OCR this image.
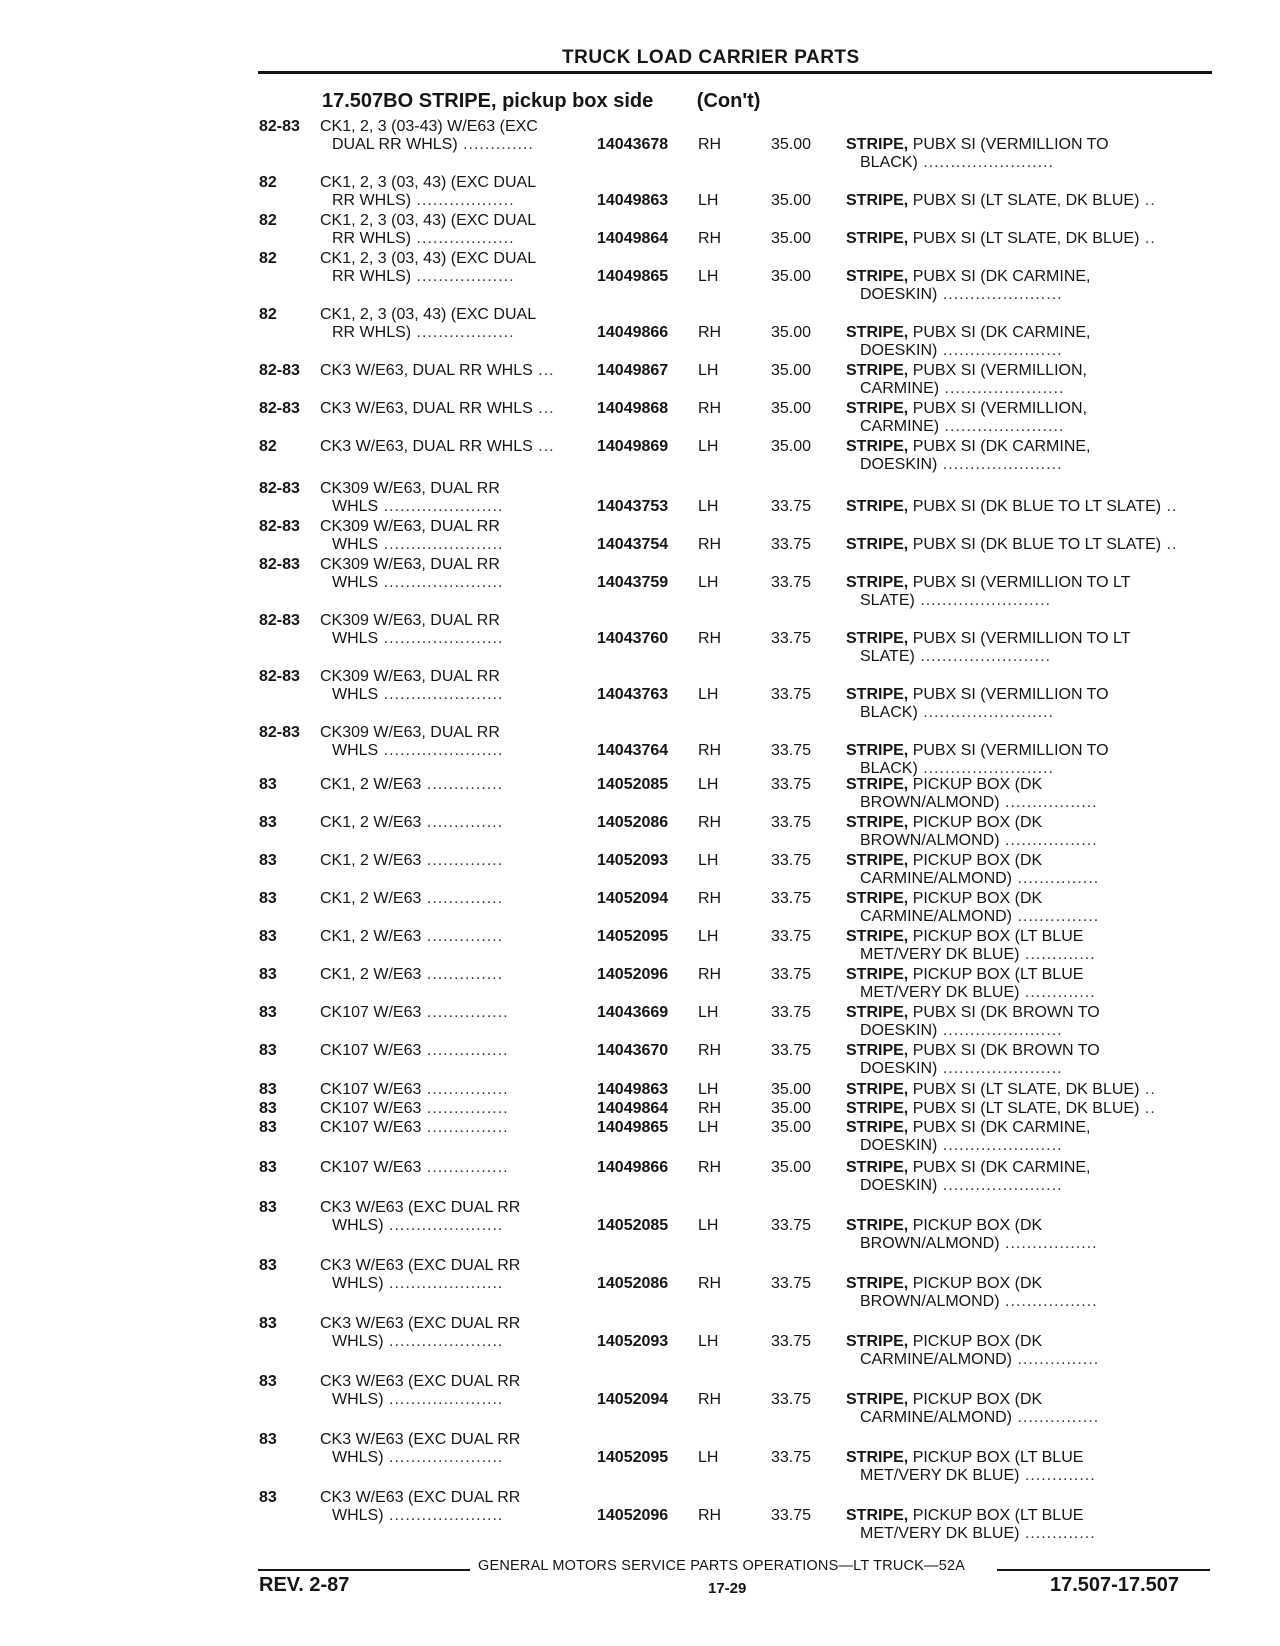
TRUCK LOAD CARRIER PARTS
17.507BO STRIPE, pickup box side (Con't)
82-83 CK1, 2, 3 (03-43) W/E63 (EXC
DUAL RR WHLS) .............	14043678 RH	35.00 STRIPE, PUBX SI (VERMILLION TO
BLACK) ........................
82	CK1, 2, 3 (03, 43) (EXC DUAL
RR WHLS) ..................	14049863 LH	35.00 STRIPE, PUBX SI (LT SLATE, DK BLUE) ..
82	CK1, 2, 3 (03, 43) (EXC DUAL
RR WHLS) ..................	14049864 RH	35.00 STRIPE, PUBX SI (LT SLATE, DK BLUE) ..
82	CK1, 2, 3 (03, 43) (EXC DUAL
RR WHLS) ..................	14049865 LH	35.00 STRIPE, PUBX SI (DK CARMINE,
DOESKIN) ......................
82	CK1, 2, 3 (03, 43) (EXC DUAL
RR WHLS) ..................	14049866 RH	35.00 STRIPE, PUBX SI (DK CARMINE,
DOESKIN) ......................
82-83 CK3 W/E63, DUAL RR WHLS ...	14049867 LH	35.00 STRIPE, PUBX SI (VERMILLION,
CARMINE) ......................
82-83 CK3 W/E63, DUAL RR WHLS ...	14049868 RH	35.00 STRIPE, PUBX SI (VERMILLION,
CARMINE) ......................
82	CK3 W/E63, DUAL RR WHLS ...	14049869 LH	35.00 STRIPE, PUBX SI (DK CARMINE,
DOESKIN) ......................
82-83 CK309 W/E63, DUAL RR
WHLS ......................	14043753 LH	33.75 STRIPE, PUBX SI (DK BLUE TO LT SLATE) ..
82-83 CK309 W/E63, DUAL RR
WHLS ......................	14043754 RH	33.75 STRIPE, PUBX SI (DK BLUE TO LT SLATE) ..
82-83 CK309 W/E63, DUAL RR
WHLS ......................	14043759 LH	33.75 STRIPE, PUBX SI (VERMILLION TO LT
SLATE) ........................
82-83 CK309 W/E63, DUAL RR
WHLS ......................	14043760 RH	33.75 STRIPE, PUBX SI (VERMILLION TO LT
SLATE) ........................
82-83 CK309 W/E63, DUAL RR
WHLS ......................	14043763 LH	33.75 STRIPE, PUBX SI (VERMILLION TO
BLACK) ........................
82-83 CK309 W/E63, DUAL RR
WHLS ......................	14043764 RH	33.75 STRIPE, PUBX SI (VERMILLION TO
BLACK) ........................
83	CK1, 2 W/E63 ..............	14052085 LH	33.75 STRIPE, PICKUP BOX (DK
BROWN/ALMOND) .................
83	CK1, 2 W/E63 ..............	14052086 RH	33.75 STRIPE, PICKUP BOX (DK
BROWN/ALMOND) .................
83	CK1, 2 W/E63 ..............	14052093 LH	33.75 STRIPE, PICKUP BOX (DK
CARMINE/ALMOND) ...............
83	CK1, 2 W/E63 ..............	14052094 RH	33.75 STRIPE, PICKUP BOX (DK
CARMINE/ALMOND) ...............
83	CK1, 2 W/E63 ..............	14052095 LH	33.75 STRIPE, PICKUP BOX (LT BLUE
MET/VERY DK BLUE) .............
83	CK1, 2 W/E63 ..............	14052096 RH	33.75 STRIPE, PICKUP BOX (LT BLUE
MET/VERY DK BLUE) .............
83	CK107 W/E63 ...............	14043669 LH	33.75 STRIPE, PUBX SI (DK BROWN TO
DOESKIN) ......................
83	CK107 W/E63 ...............	14043670 RH	33.75 STRIPE, PUBX SI (DK BROWN TO
DOESKIN) ......................
83	CK107 W/E63 ...............	14049863 LH	35.00 STRIPE, PUBX SI (LT SLATE, DK BLUE) ..
83	CK107 W/E63 ...............	14049864 RH	35.00 STRIPE, PUBX SI (LT SLATE, DK BLUE) ..
83	CK107 W/E63 ...............	14049865 LH	35.00 STRIPE, PUBX SI (DK CARMINE,
DOESKIN) ......................
83	CK107 W/E63 ...............	14049866 RH	35.00 STRIPE, PUBX SI (DK CARMINE,
DOESKIN) ......................
83	CK3 W/E63 (EXC DUAL RR
WHLS) .....................	14052085 LH	33.75 STRIPE, PICKUP BOX (DK
BROWN/ALMOND) .................
83	CK3 W/E63 (EXC DUAL RR
WHLS) .....................	14052086 RH	33.75 STRIPE, PICKUP BOX (DK
BROWN/ALMOND) .................
83	CK3 W/E63 (EXC DUAL RR
WHLS) .....................	14052093 LH	33.75 STRIPE, PICKUP BOX (DK
CARMINE/ALMOND) ...............
83	CK3 W/E63 (EXC DUAL RR
WHLS) .....................	14052094 RH	33.75 STRIPE, PICKUP BOX (DK
CARMINE/ALMOND) ...............
83	CK3 W/E63 (EXC DUAL RR
WHLS) .....................	14052095 LH	33.75 STRIPE, PICKUP BOX (LT BLUE
MET/VERY DK BLUE) .............
83	CK3 W/E63 (EXC DUAL RR
WHLS) .....................	14052096 RH	33.75 STRIPE, PICKUP BOX (LT BLUE
MET/VERY DK BLUE) .............
GENERAL MOTORS SERVICE PARTS OPERATIONS—LT TRUCK—52A
REV. 2-87	17-29	17.507-17.507
